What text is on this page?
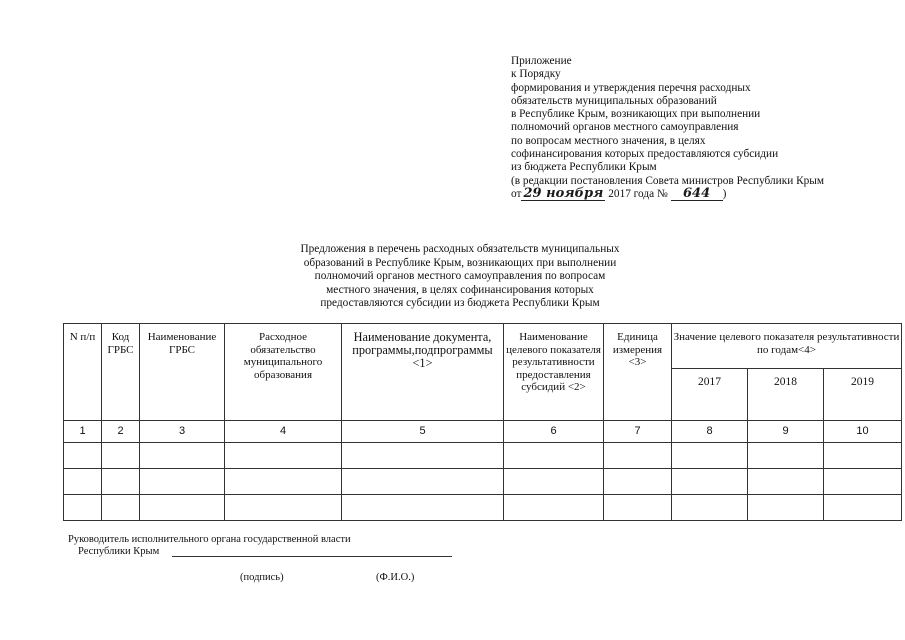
Приложение
к Порядку
формирования и утверждения перечня расходных
обязательств муниципальных образований
в Республике Крым, возникающих при выполнении
полномочий органов местного самоуправления
по вопросам местного значения, в целях
софинансирования которых предоставляются субсидии
из бюджета Республики Крым
(в редакции постановления Совета министров Республики Крым
от 29 ноября 2017 года № 644 )
Предложения в перечень расходных обязательств муниципальных
образований в Республике Крым, возникающих при выполнении
полномочий органов местного самоуправления по вопросам
местного значения, в целях софинансирования которых
предоставляются субсидии из бюджета Республики Крым
N п/п	Код ГРБС	Наименование ГРБС	Расходное обязательство муниципального образования	Наименование документа, программы,подпрограммы <1>	Наименование целевого показателя результативности предоставления субсидий <2>	Единица измерения <3>	Значение целевого показателя результативности по годам<4>		
							2017	2018	2019
1	2	3	4	5	6	7	8	9	10

Руководитель исполнительного органа государственной власти
Республики Крым
(подпись)	(Ф.И.О.)
